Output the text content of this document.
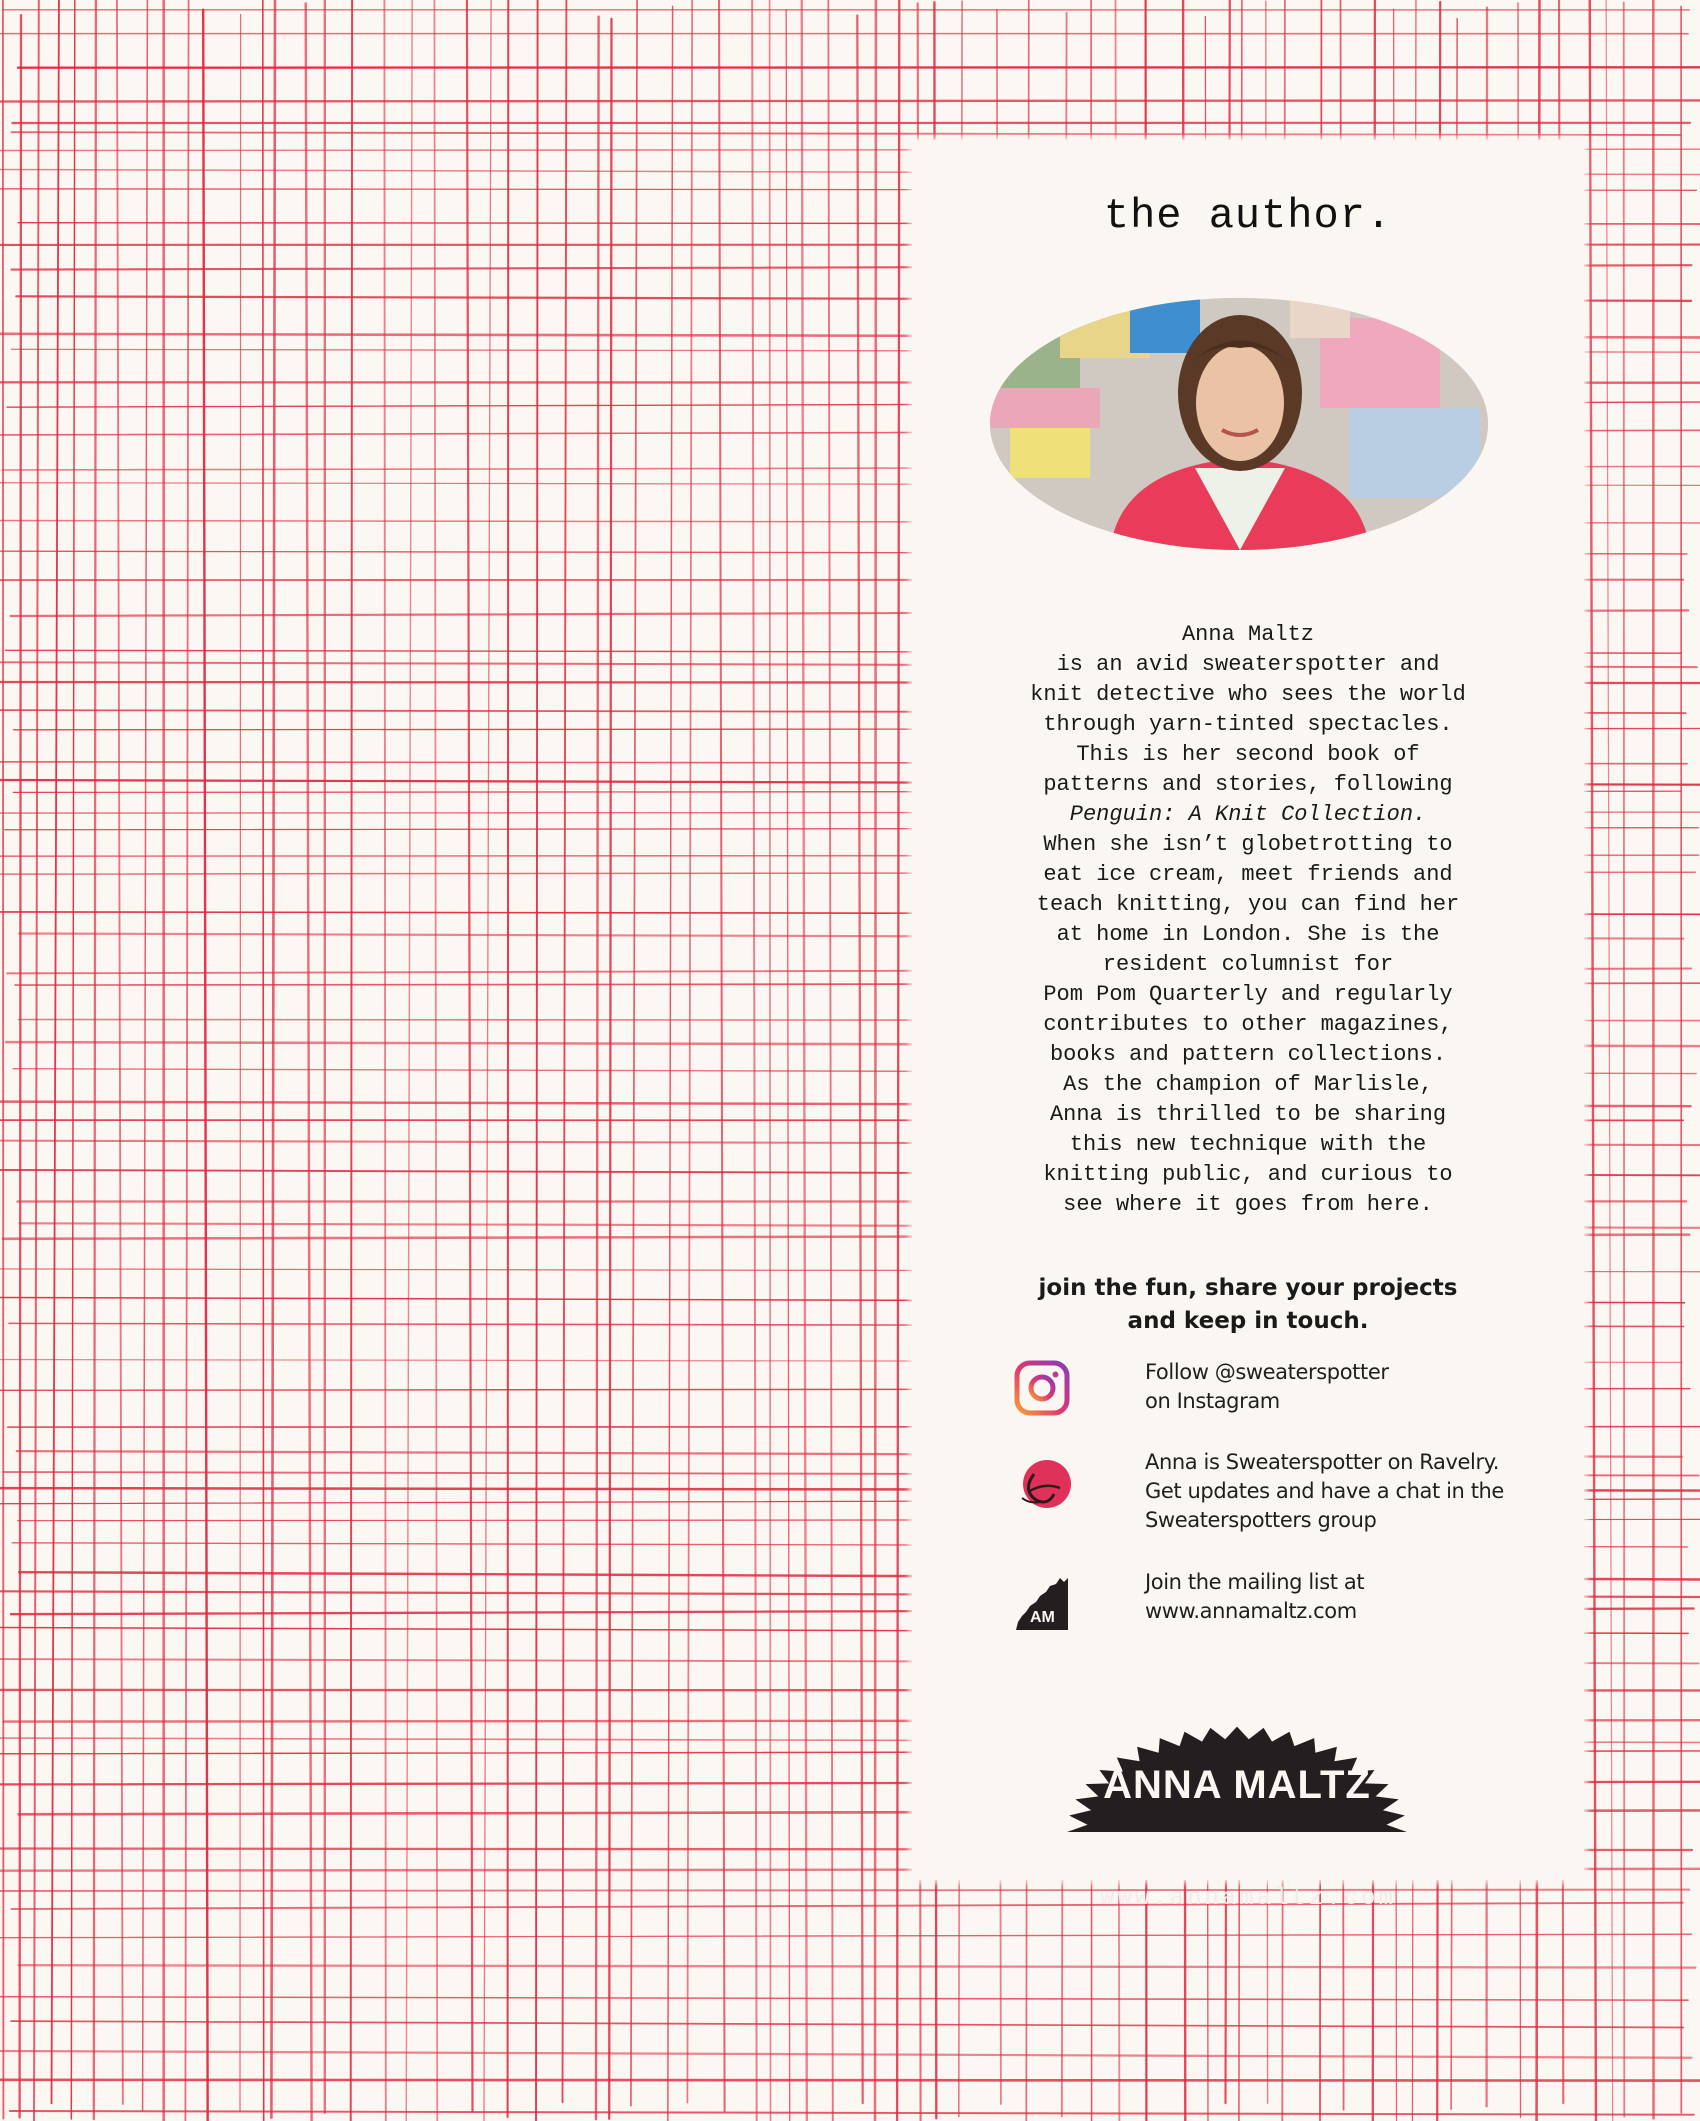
the author.

Anna Maltz
is an avid sweaterspotter and
knit detective who sees the world
through yarn-tinted spectacles.
This is her second book of
patterns and stories, following
Penguin: A Knit Collection.
When she isn’t globetrotting to
eat ice cream, meet friends and
teach knitting, you can find her
at home in London. She is the
resident columnist for
Pom Pom Quarterly and regularly
contributes to other magazines,
books and pattern collections.
As the champion of Marlisle,
Anna is thrilled to be sharing
this new technique with the
knitting public, and curious to
see where it goes from here.

join the fun, share your projects
and keep in touch.
Follow @sweaterspotter
on Instagram
Anna is Sweaterspotter on Ravelry.
Get updates and have a chat in the
Sweaterspotters group
AM
Join the mailing list at
www.annamaltz.com
ANNA MALTZ
www.annamaltz.com
